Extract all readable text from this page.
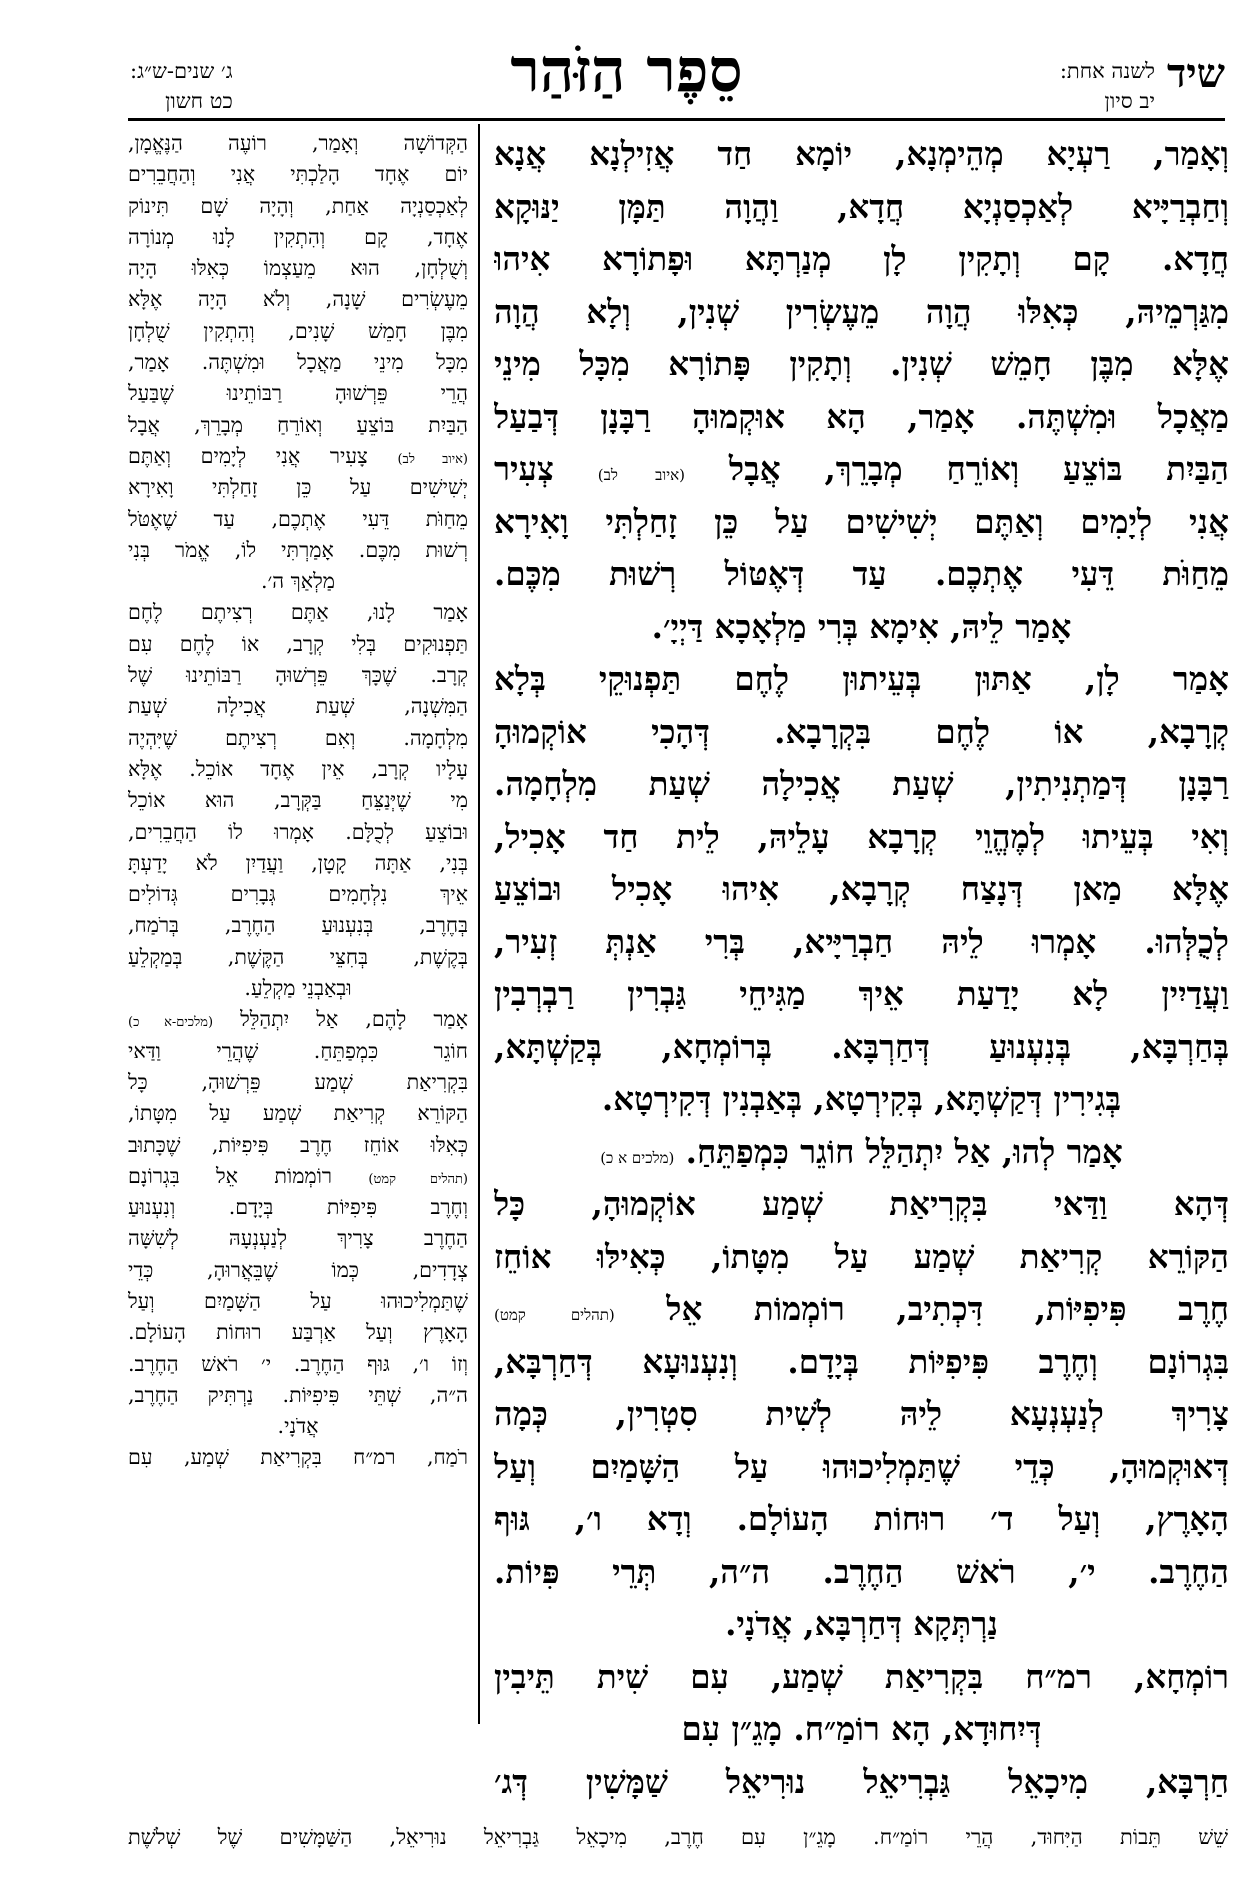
שיד
לשנה אחת:
יב סיון
סֵפֶר הַזֹּהַר
ג׳ שנים-ש״ג:
כט חשון
וְאָמַר, רַעְיָא מְהֵימְנָא, יוֹמָא חַד אֲזִילְנָא אֲנָא
וְחַבְרַיָּיא לְאַכְסַנְיָא חֲדָא, וַהֲוָה תַּמָּן יַנּוּקָא
חֲדָא. קָם וְתָקִין לָן מְנַרְתָּא וּפָתוֹרָא אִיהוּ
מִגַּרְמֵיהּ, כְּאִלּוּ הֲוָה מֵעֶשְׂרִין שְׁנִין, וְלָא הֲוָה
אֶלָּא מִבֶּן חָמֵשׁ שְׁנִין. וְתָקִין פָּתוֹרָא מִכָּל מִינֵי
מַאֲכָל וּמִשְׁתֶּה. אָמַר, הָא אוּקְמוּהָ רַבָּנָן דְּבַעַל
הַבַּיִת בּוֹצֵעַ וְאוֹרֵחַ מְבָרֵךְ, אֲבָל (איוב לב) צְעִיר
אֲנִי לְיָמִים וְאַתֶּם יְשִׁישִׁים עַל כֵּן זָחַלְתִּי וָאִירָא
מֵחַוֺּת דֵּעִי אֶתְכֶם. עַד דְּאֶטּוֹל רְשׁוּת מִכֶּם.
אָמַר לֵיהּ, אִימָא בְּרִי מַלְאָכָא דַּיְיָ׳.
אָמַר לָן, אַתּוּן בְּעֵיתוּן לֶחֶם תַּפְנוּקֵי בְּלָא
קְרָבָא, אוֹ לֶחֶם בִּקְרָבָא. דְּהָכִי אוֹקְמוּהָ
רַבָּנָן דְּמַתְנִיתִין, שְׁעַת אֲכִילָה שְׁעַת מִלְחָמָה.
וְאִי בְּעֵיתוּ לְמֶהֱוֵי קְרָבָא עָלֵיהּ, לֵית חַד אָכִיל,
אֶלָּא מַאן דְּנָצַח קְרָבָא, אִיהוּ אָכִיל וּבוֹצֵעַ
לְכֻלְּהוּ. אָמְרוּ לֵיהּ חַבְרַיָּיא, בְּרִי אַנְתְּ זְעִיר,
וַעֲדַיִין לָא יָדַעַת אֵיךְ מַגִּיחֵי גַּבְרִין רַבְרְבִין
בְּחַרְבָּא, בְּנִעְנוּעַ דְּחַרְבָּא. בְּרוֹמְחָא, בְּקַשְׁתָּא,
בְּגִירִין דְּקַשְׁתָּא, בְּקִירְטָא, בְּאַבְנִין דְּקִירְטָא.
אָמַר לְהוּ, אַל יִתְהַלֵּל חוֹגֵר כִּמְפַתֵּחַ. (מלכים א כ)
דְּהָא וַדַּאי בִּקְרִיאַת שְׁמַע אוֹקְמוּהָ, כָּל
הַקּוֹרֵא קְרִיאַת שְׁמַע עַל מִטָּתוֹ, כְּאִילּוּ אוֹחֵז
חֶרֶב פִּיפִיּוֹת, דִּכְתִיב, רוֹמְמוֹת אֵל (תהלים קמט)
בִּגְרוֹנָם וְחֶרֶב פִּיפִיּוֹת בְּיָדָם. וְנִעְנוּעָא דְּחַרְבָּא,
צָרִיךְ לְנַעְנְעָא לֵיהּ לְשִׁית סִטְרִין, כְּמָה
דְּאוּקְמוּהָ, כְּדֵי שֶׁתַּמְלִיכוּהוּ עַל הַשָּׁמַיִם וְעַל
הָאָרֶץ, וְעַל ד׳ רוּחוֹת הָעוֹלָם. וְדָא ו׳, גּוּף
הַחֶרֶב. י׳, רֹאשׁ הַחֶרֶב. ה״ה, תְּרֵי פִּיוֹת.
נַרְתְּקָא דְּחַרְבָּא, אֲדֹנָי.
רוֹמְחָא, רמ״ח בִּקְרִיאַת שְׁמַע, עִם שִׁית תֵּיבִין
דְּיִחוּדָא, הָא רוֹמַ״ח. מָגֵ״ן עִם
חַרְבָּא, מִיכָאֵל גַּבְרִיאֵל נוּרִיאֵל שַׁמָּשִׁין דְּג׳
הַקְּדוֹשָׁה וְאָמַר, רוֹעֶה הַנֶּאֱמָן,
יוֹם אֶחָד הָלַכְתִּי אֲנִי וְהַחֲבֵרִים
לְאַכְסַנְיָה אַחַת, וְהָיָה שָׁם תִּינוֹק
אֶחָד, קָם וְהִתְקִין לָנוּ מְנוֹרָה
וְשֻׁלְחָן, הוּא מֵעַצְמוֹ כְּאִלּוּ הָיָה
מֵעֶשְׂרִים שָׁנָה, וְלֹא הָיָה אֶלָּא
מִבֶּן חָמֵשׁ שָׁנִים, וְהִתְקִין שֻׁלְחָן
מִכָּל מִינֵי מַאֲכָל וּמִשְׁתֶּה. אָמַר,
הֲרֵי פֵּרְשׁוּהָ רַבּוֹתֵינוּ שֶׁבַּעַל
הַבַּיִת בּוֹצֵעַ וְאוֹרֵחַ מְבָרֵךְ, אֲבָל
(איוב לב) צָעִיר אֲנִי לְיָמִים וְאַתֶּם
יְשִׁישִׁים עַל כֵּן זָחַלְתִּי וָאִירָא
מֵחַוֺּת דֵּעִי אֶתְכֶם, עַד שֶׁאֶטֹּל
רְשׁוּת מִכֶּם. אָמַרְתִּי לוֹ, אֱמֹר בְּנִי
מַלְאַךְ ה׳.
אָמַר לָנוּ, אַתֶּם רְצִיתֶם לֶחֶם
תַּפְנוּקִים בְּלִי קְרָב, אוֹ לֶחֶם עִם
קְרָב. שֶׁכָּךְ פֵּרְשׁוּהָ רַבּוֹתֵינוּ שֶׁל
הַמִּשְׁנָה, שְׁעַת אֲכִילָה שְׁעַת
מִלְחָמָה. וְאִם רְצִיתֶם שֶׁיִּהְיֶה
עָלָיו קְרָב, אֵין אֶחָד אוֹכֵל. אֶלָּא
מִי שֶׁיְּנַצֵּחַ בַּקְּרָב, הוּא אוֹכֵל
וּבוֹצֵעַ לְכֻלָּם. אָמְרוּ לוֹ הַחֲבֵרִים,
בְּנִי, אַתָּה קָטָן, וַעֲדַיִן לֹא יָדַעְתָּ
אֵיךְ נִלְחָמִים גְּבָרִים גְּדוֹלִים
בְּחֶרֶב, בְּנִעְנוּעַ הַחֶרֶב, בְּרֹמַח,
בְּקֶשֶׁת, בְּחִצֵּי הַקֶּשֶׁת, בְּמַקְלֵעַ
וּבְאַבְנֵי מַקְלֵעַ.
אָמַר לָהֶם, אַל יִתְהַלֵּל (מלכים-א כ)
חוֹגֵר כִּמְפַתֵּחַ. שֶׁהֲרֵי וַדַּאי
בִּקְרִיאַת שְׁמַע פֵּרְשׁוּהָ, כָּל
הַקּוֹרֵא קְרִיאַת שְׁמַע עַל מִטָּתוֹ,
כְּאִלּוּ אוֹחֵז חֶרֶב פִּיפִיּוֹת, שֶׁכָּתוּב
(תהלים קמט) רוֹמְמוֹת אֵל בִּגְרוֹנָם
וְחֶרֶב פִּיפִיּוֹת בְּיָדָם. וְנִעְנוּעַ
הַחֶרֶב צָרִיךְ לְנַעְנְעָהּ לְשִׁשָּׁה
צְדָדִים, כְּמוֹ שֶׁבֵּאֲרוּהָ, כְּדֵי
שֶׁתַּמְלִיכוּהוּ עַל הַשָּׁמַיִם וְעַל
הָאָרֶץ וְעַל אַרְבַּע רוּחוֹת הָעוֹלָם.
וְזוֹ ו׳, גּוּף הַחֶרֶב. י׳ רֹאשׁ הַחֶרֶב.
ה״ה, שְׁתֵּי פִּיפִיּוֹת. נַרְתִּיק הַחֶרֶב,
אֲדֹנָי.
רֹמַח, רמ״ח בִּקְרִיאַת שְׁמַע, עִם
שֵׁשׁ תֵּבוֹת הַיִּחוּד, הֲרֵי רוֹמַ״ח. מָגֵ״ן עִם חֶרֶב, מִיכָאֵל גַּבְרִיאֵל נוּרִיאֵל, הַשַּׁמָּשִׁים שֶׁל שְׁלֹשֶׁת
